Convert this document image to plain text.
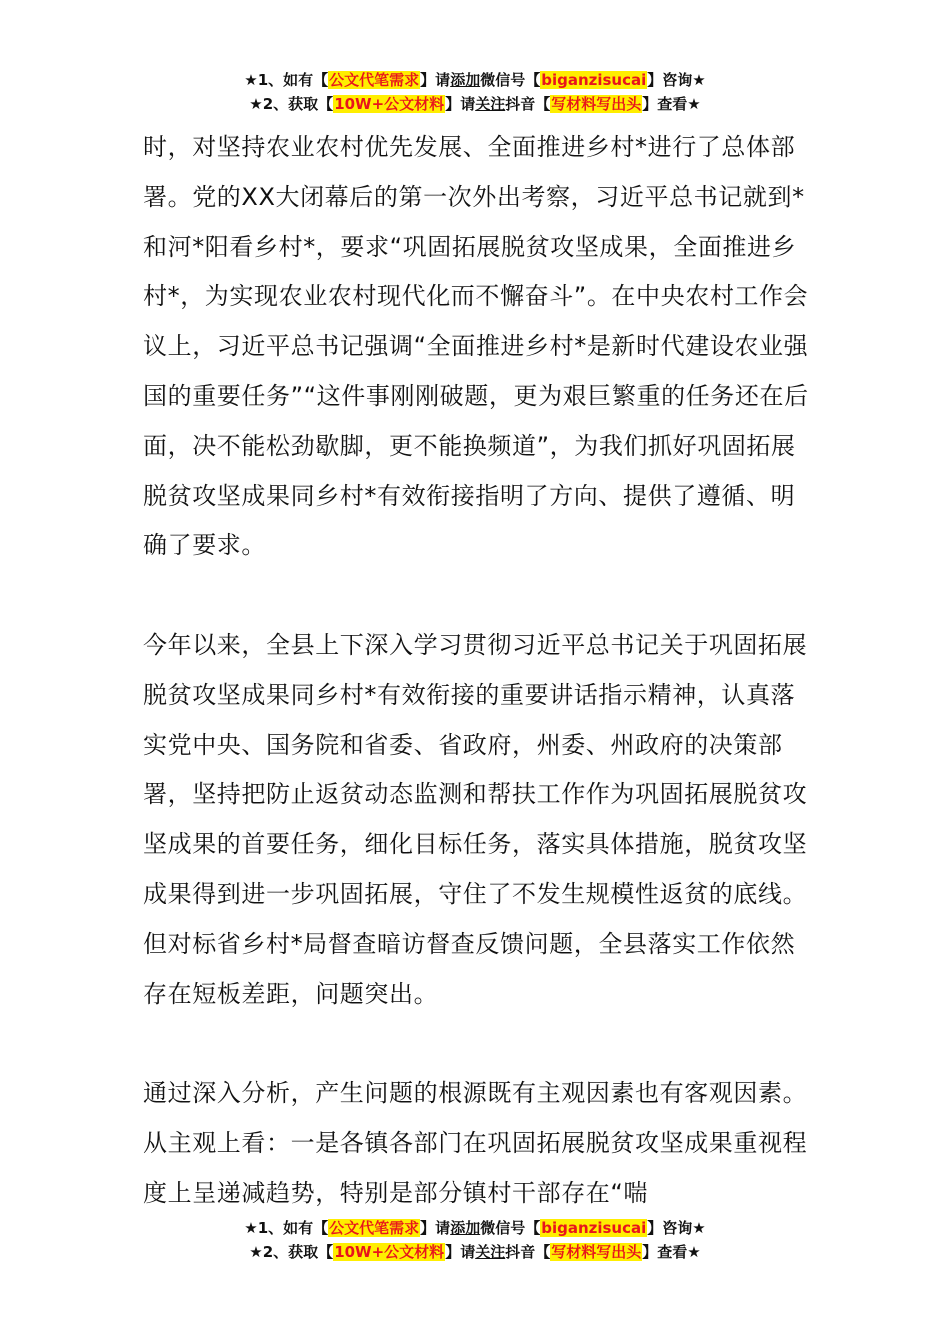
★1、如有【公文代笔需求】请添加微信号【biganzisucai】咨询★
★2、获取【10W+公文材料】请关注抖音【写材料写出头】查看★

时，对坚持农业农村优先发展、全面推进乡村*进行了总体部署。党的XX大闭幕后的第一次外出考察，习近平总书记就到*和河*阳看乡村*，要求“巩固拓展脱贫攻坚成果，全面推进乡村*，为实现农业农村现代化而不懈奋斗”。在中央农村工作会议上，习近平总书记强调“全面推进乡村*是新时代建设农业强国的重要任务”“这件事刚刚破题，更为艰巨繁重的任务还在后面，决不能松劲歇脚，更不能换频道”，为我们抓好巩固拓展脱贫攻坚成果同乡村*有效衔接指明了方向、提供了遵循、明确了要求。

今年以来，全县上下深入学习贯彻习近平总书记关于巩固拓展脱贫攻坚成果同乡村*有效衔接的重要讲话指示精神，认真落实党中央、国务院和省委、省政府，州委、州政府的决策部署，坚持把防止返贫动态监测和帮扶工作作为巩固拓展脱贫攻坚成果的首要任务，细化目标任务，落实具体措施，脱贫攻坚成果得到进一步巩固拓展，守住了不发生规模性返贫的底线。但对标省乡村*局督查暗访督查反馈问题，全县落实工作依然存在短板差距，问题突出。

通过深入分析，产生问题的根源既有主观因素也有客观因素。从主观上看：一是各镇各部门在巩固拓展脱贫攻坚成果重视程度上呈递减趋势，特别是部分镇村干部存在“喘

★1、如有【公文代笔需求】请添加微信号【biganzisucai】咨询★
★2、获取【10W+公文材料】请关注抖音【写材料写出头】查看★
